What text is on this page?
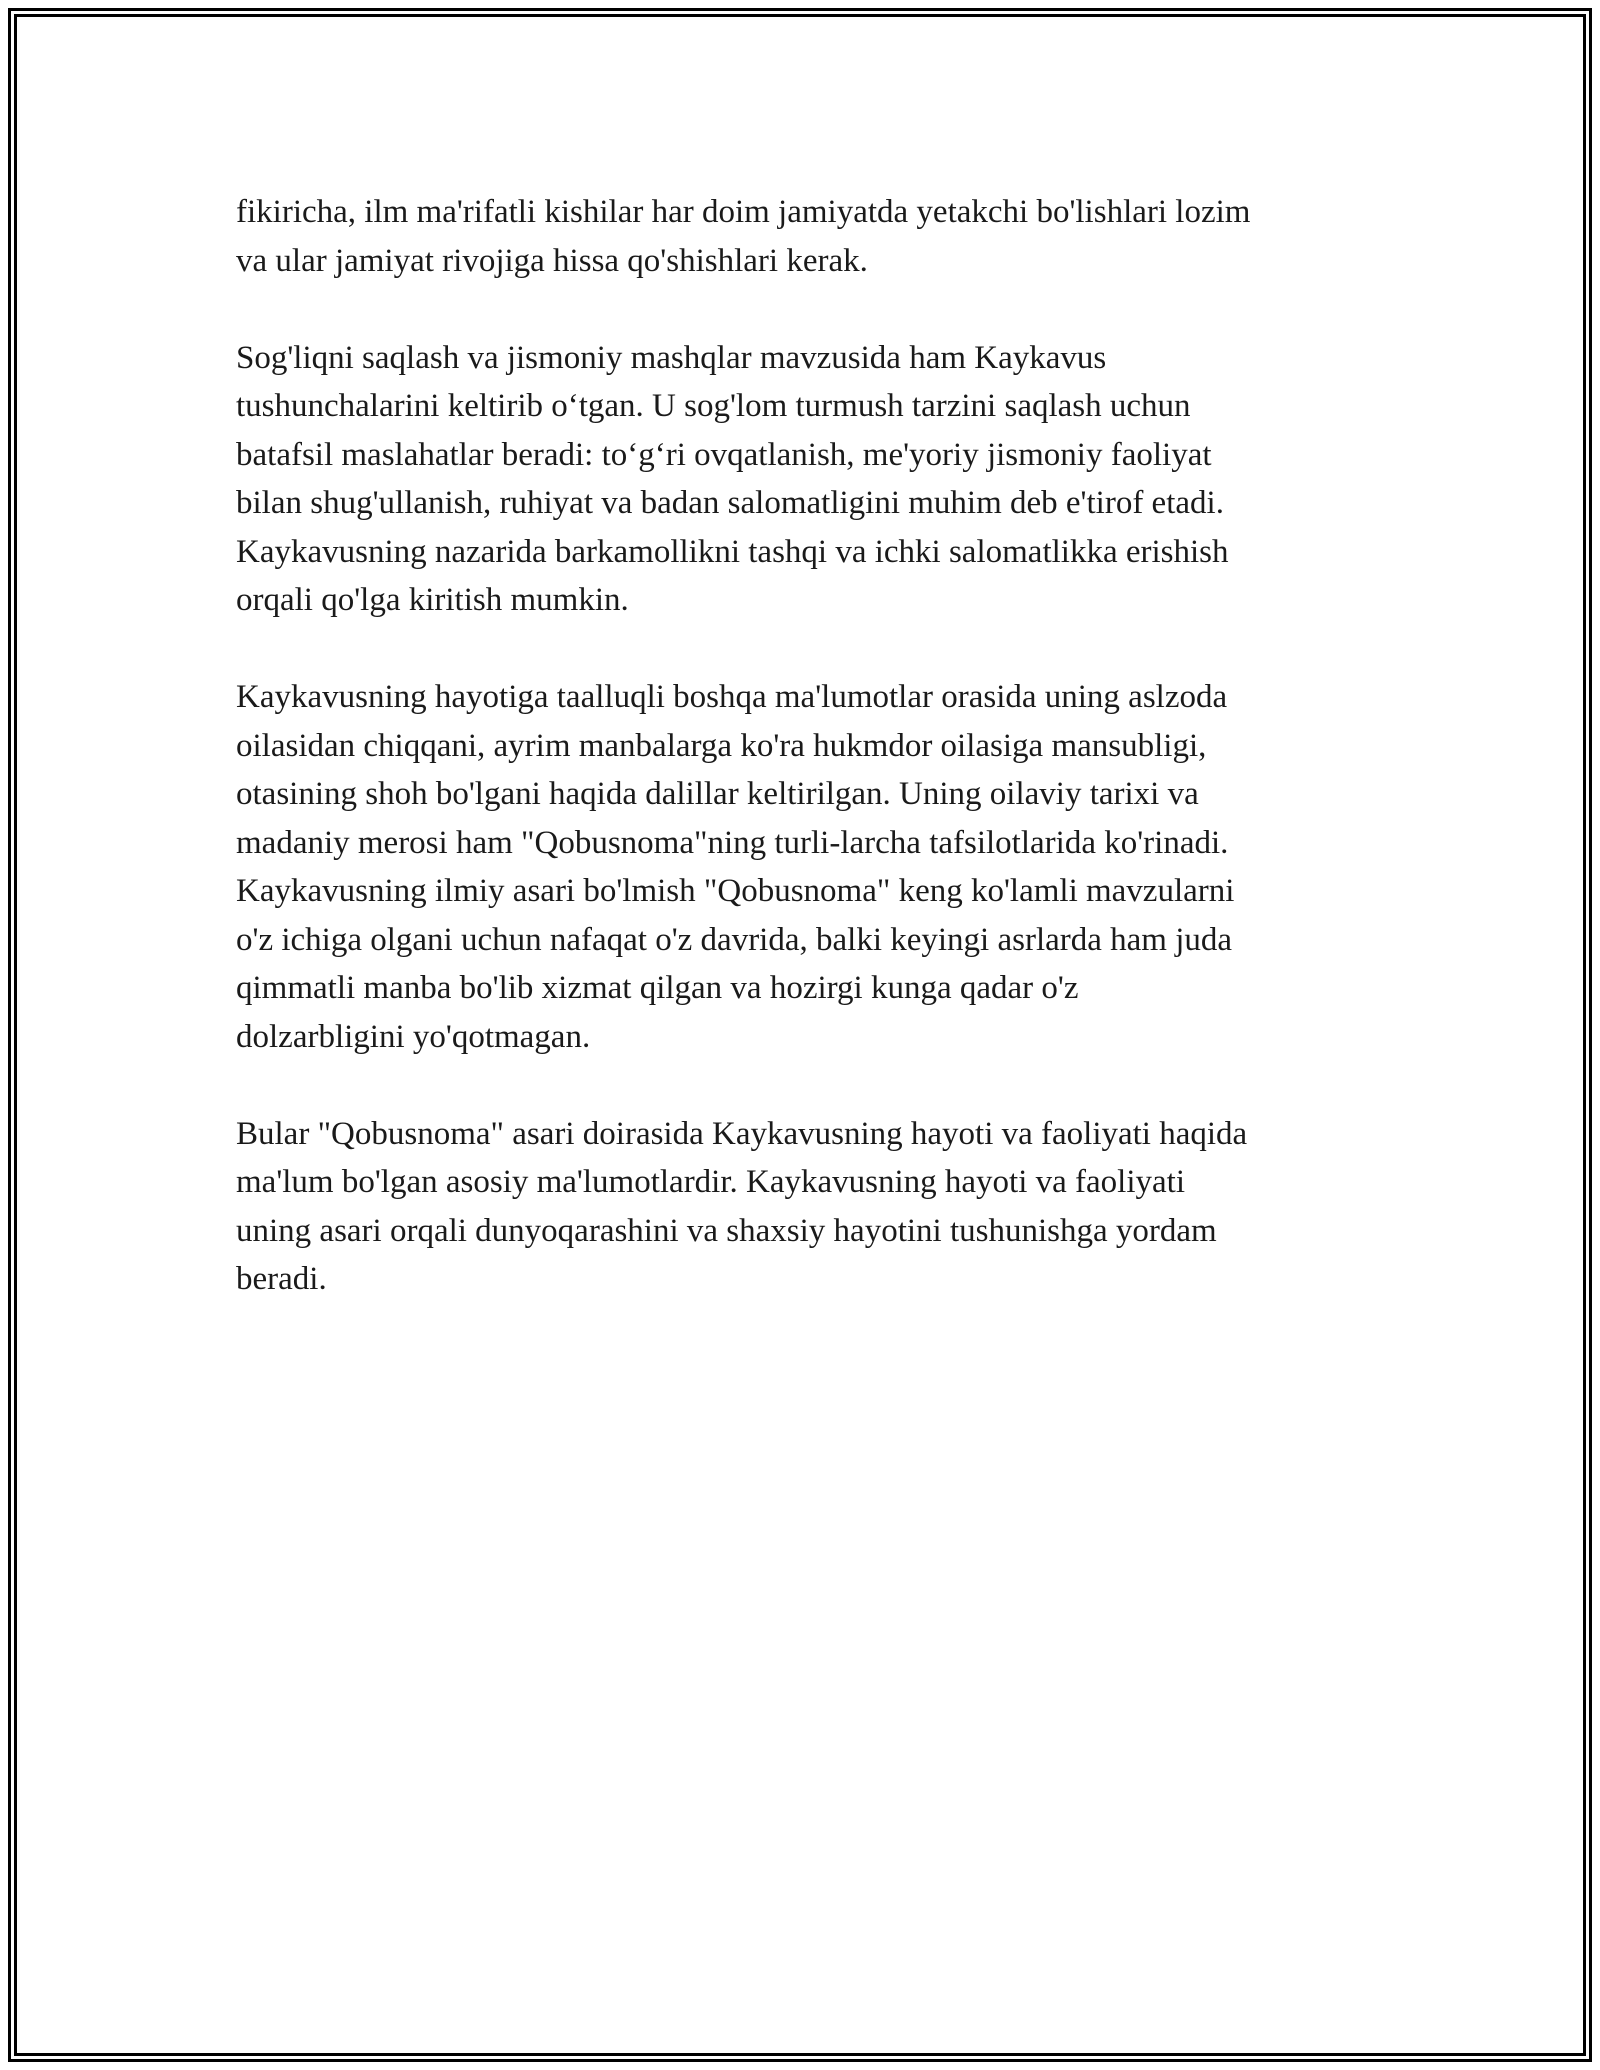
fikiricha, ilm ma'rifatli kishilar har doim jamiyatda yetakchi bo'lishlari lozim
va ular jamiyat rivojiga hissa qo'shishlari kerak.

Sog'liqni saqlash va jismoniy mashqlar mavzusida ham Kaykavus
tushunchalarini keltirib o‘tgan. U sog'lom turmush tarzini saqlash uchun
batafsil maslahatlar beradi: to‘g‘ri ovqatlanish, me'yoriy jismoniy faoliyat
bilan shug'ullanish, ruhiyat va badan salomatligini muhim deb e'tirof etadi.
Kaykavusning nazarida barkamollikni tashqi va ichki salomatlikka erishish
orqali qo'lga kiritish mumkin.

Kaykavusning hayotiga taalluqli boshqa ma'lumotlar orasida uning aslzoda
oilasidan chiqqani, ayrim manbalarga ko'ra hukmdor oilasiga mansubligi,
otasining shoh bo'lgani haqida dalillar keltirilgan. Uning oilaviy tarixi va
madaniy merosi ham "Qobusnoma"ning turli-larcha tafsilotlarida ko'rinadi.
Kaykavusning ilmiy asari bo'lmish "Qobusnoma" keng ko'lamli mavzularni
o'z ichiga olgani uchun nafaqat o'z davrida, balki keyingi asrlarda ham juda
qimmatli manba bo'lib xizmat qilgan va hozirgi kunga qadar o'z
dolzarbligini yo'qotmagan.

Bular "Qobusnoma" asari doirasida Kaykavusning hayoti va faoliyati haqida
ma'lum bo'lgan asosiy ma'lumotlardir. Kaykavusning hayoti va faoliyati
uning asari orqali dunyoqarashini va shaxsiy hayotini tushunishga yordam
beradi.
